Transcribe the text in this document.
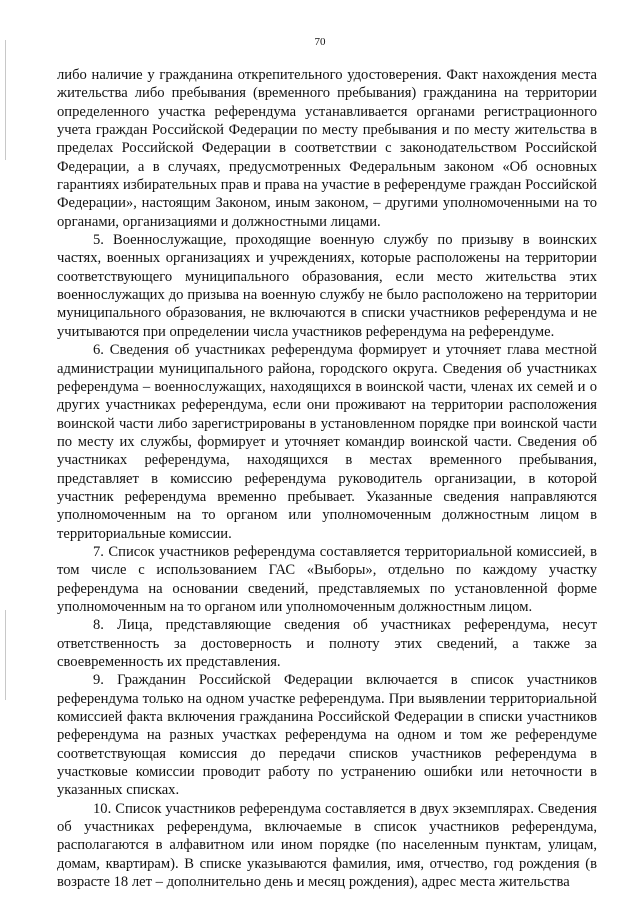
70

либо наличие у гражданина открепительного удостоверения. Факт нахождения места жительства либо пребывания (временного пребывания) гражданина на территории определенного участка референдума устанавливается органами регистрационного учета граждан Российской Федерации по месту пребывания и по месту жительства в пределах Российской Федерации в соответствии с законодательством Российской Федерации, а в случаях, предусмотренных Федеральным законом «Об основных гарантиях избирательных прав и права на участие в референдуме граждан Российской Федерации», настоящим Законом, иным законом, – другими уполномоченными на то органами, организациями и должностными лицами.

5. Военнослужащие, проходящие военную службу по призыву в воинских частях, военных организациях и учреждениях, которые расположены на территории соответствующего муниципального образования, если место жительства этих военнослужащих до призыва на военную службу не было расположено на территории муниципального образования, не включаются в списки участников референдума и не учитываются при определении числа участников референдума на референдуме.

6. Сведения об участниках референдума формирует и уточняет глава местной администрации муниципального района, городского округа. Сведения об участниках референдума – военнослужащих, находящихся в воинской части, членах их семей и о других участниках референдума, если они проживают на территории расположения воинской части либо зарегистрированы в установленном порядке при воинской части по месту их службы, формирует и уточняет командир воинской части. Сведения об участниках референдума, находящихся в местах временного пребывания, представляет в комиссию референдума руководитель организации, в которой участник референдума временно пребывает. Указанные сведения направляются уполномоченным на то органом или уполномоченным должностным лицом в территориальные комиссии.

7. Список участников референдума составляется территориальной комиссией, в том числе с использованием ГАС «Выборы», отдельно по каждому участку референдума на основании сведений, представляемых по установленной форме уполномоченным на то органом или уполномоченным должностным лицом.

8. Лица, представляющие сведения об участниках референдума, несут ответственность за достоверность и полноту этих сведений, а также за своевременность их представления.

9. Гражданин Российской Федерации включается в список участников референдума только на одном участке референдума. При выявлении территориальной комиссией факта включения гражданина Российской Федерации в списки участников референдума на разных участках референдума на одном и том же референдуме соответствующая комиссия до передачи списков участников референдума в участковые комиссии проводит работу по устранению ошибки или неточности в указанных списках.

10. Список участников референдума составляется в двух экземплярах. Сведения об участниках референдума, включаемые в список участников референдума, располагаются в алфавитном или ином порядке (по населенным пунктам, улицам, домам, квартирам). В списке указываются фамилия, имя, отчество, год рождения (в возрасте 18 лет – дополнительно день и месяц рождения), адрес места жительства
